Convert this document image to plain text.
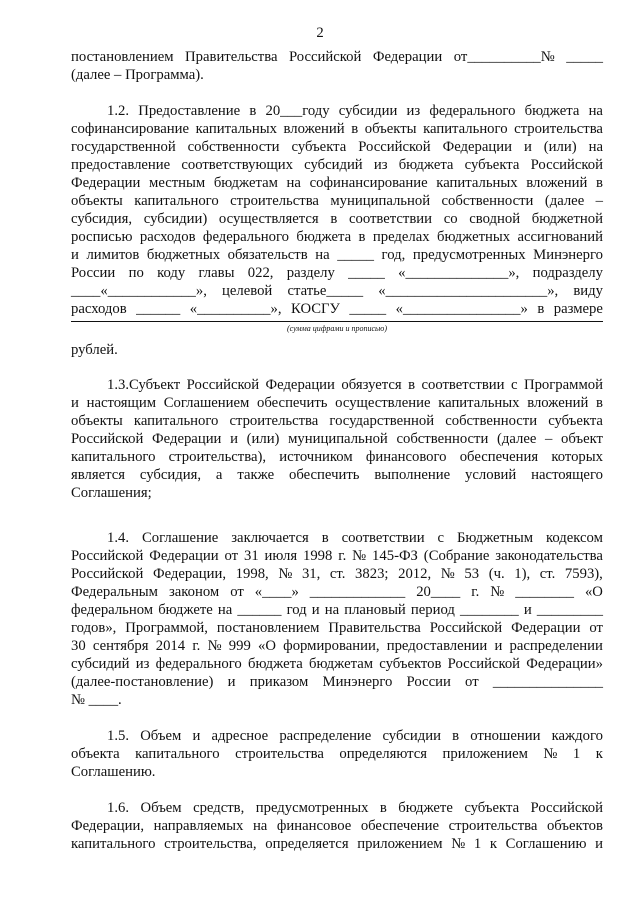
2
постановлением Правительства Российской Федерации от__________№ _____
(далее – Программа).
1.2. Предоставление в 20___году субсидии из федерального бюджета на
софинансирование капитальных вложений в объекты капитального строительства
государственной собственности субъекта Российской Федерации и (или) на
предоставление соответствующих субсидий из бюджета субъекта Российской
Федерации местным бюджетам на софинансирование капитальных вложений в
объекты капитального строительства муниципальной собственности (далее –
субсидия, субсидии) осуществляется в соответствии со сводной бюджетной
росписью расходов федерального бюджета в пределах бюджетных ассигнований
и лимитов бюджетных обязательств на _____ год, предусмотренных Минэнерго
России по коду главы 022, разделу _____ «______________», подразделу
____«____________», целевой статье_____ «______________________», виду
расходов ______ «__________», КОСГУ _____ «________________» в размере
рублей.
1.3.Субъект Российской Федерации обязуется в соответствии с Программой
и настоящим Соглашением обеспечить осуществление капитальных вложений в
объекты капитального строительства государственной собственности субъекта
Российской Федерации и (или) муниципальной собственности (далее – объект
капитального строительства), источником финансового обеспечения которых
является субсидия, а также обеспечить выполнение условий настоящего
Соглашения;
1.4. Соглашение заключается в соответствии с Бюджетным кодексом
Российской Федерации от 31 июля 1998 г. № 145-ФЗ (Собрание законодательства
Российской Федерации, 1998, № 31, ст. 3823; 2012, № 53 (ч. 1), ст. 7593),
Федеральным законом от «____» _____________ 20____ г. № ________ «О
федеральном бюджете на ______ год и на плановый период ________ и _________
годов», Программой, постановлением Правительства Российской Федерации от
30 сентября 2014 г. № 999 «О формировании, предоставлении и распределении
субсидий из федерального бюджета бюджетам субъектов Российской Федерации»
(далее-постановление) и приказом Минэнерго России от _______________
№ ____.
1.5. Объем и адресное распределение субсидии в отношении каждого
объекта капитального строительства определяются приложением № 1 к
Соглашению.
1.6. Объем средств, предусмотренных в бюджете субъекта Российской
Федерации, направляемых на финансовое обеспечение строительства объектов
капитального строительства, определяется приложением № 1 к Соглашению и
(сумма цифрами и прописью)
